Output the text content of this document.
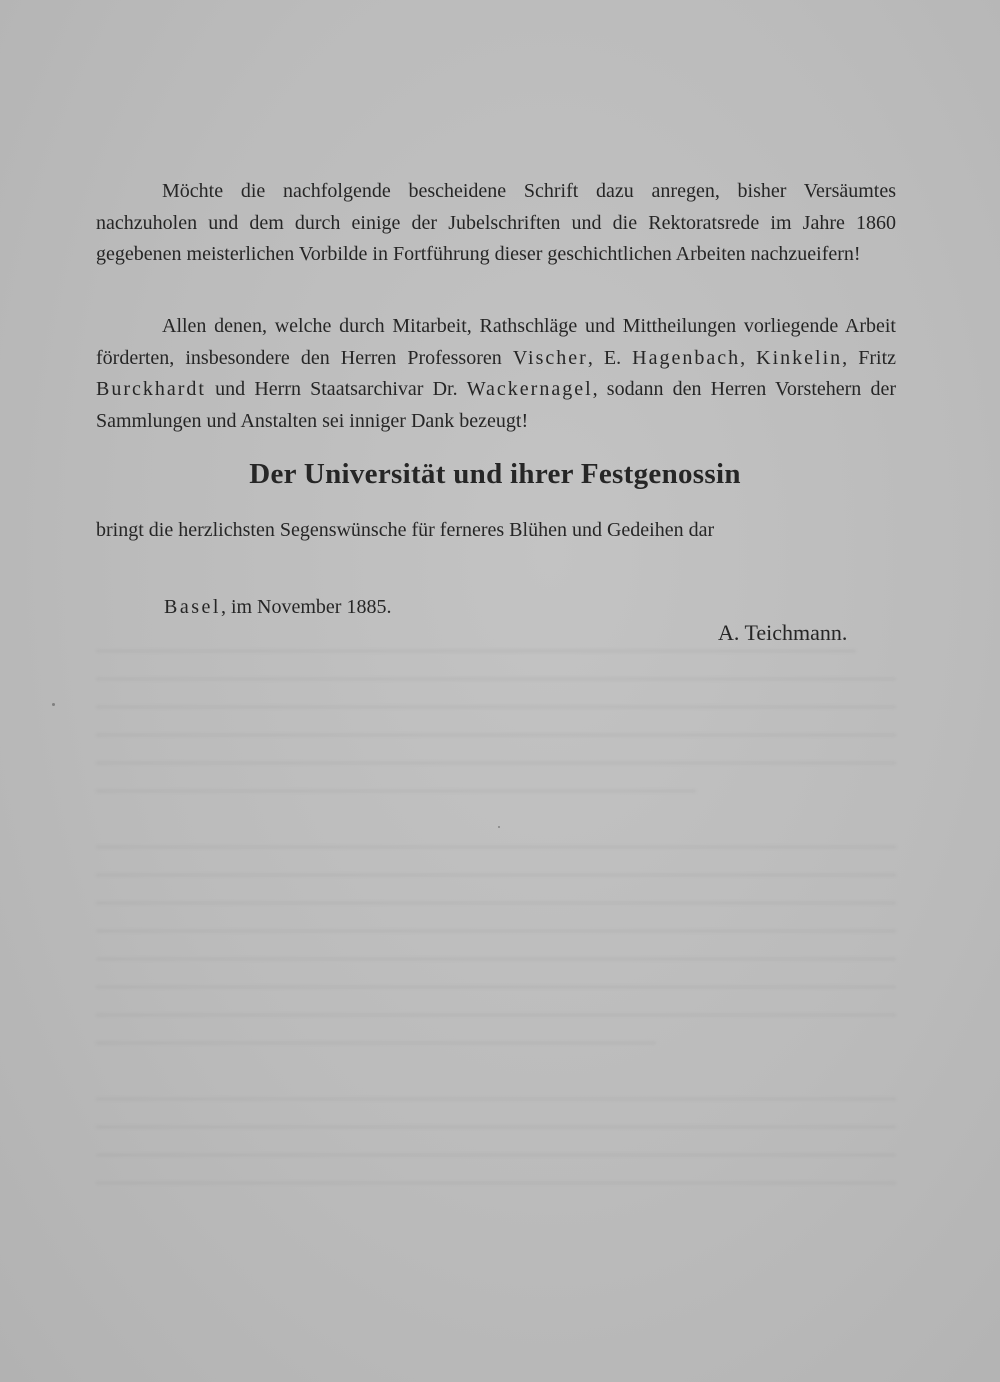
Möchte die nachfolgende bescheidene Schrift dazu anregen, bisher Versäumtes nachzuholen und dem durch einige der Jubelschriften und die Rektoratsrede im Jahre 1860 gegebenen meisterlichen Vorbilde in Fortführung dieser geschichtlichen Arbeiten nachzueifern!

Allen denen, welche durch Mitarbeit, Rathschläge und Mittheilungen vorliegende Arbeit förderten, insbesondere den Herren Professoren Vischer, E. Hagenbach, Kinkelin, Fritz Burckhardt und Herrn Staatsarchivar Dr. Wackernagel, sodann den Herren Vorstehern der Sammlungen und Anstalten sei inniger Dank bezeugt!

Der Universität und ihrer Festgenossin

bringt die herzlichsten Segenswünsche für ferneres Blühen und Gedeihen dar

Basel, im November 1885.

A. Teichmann.
